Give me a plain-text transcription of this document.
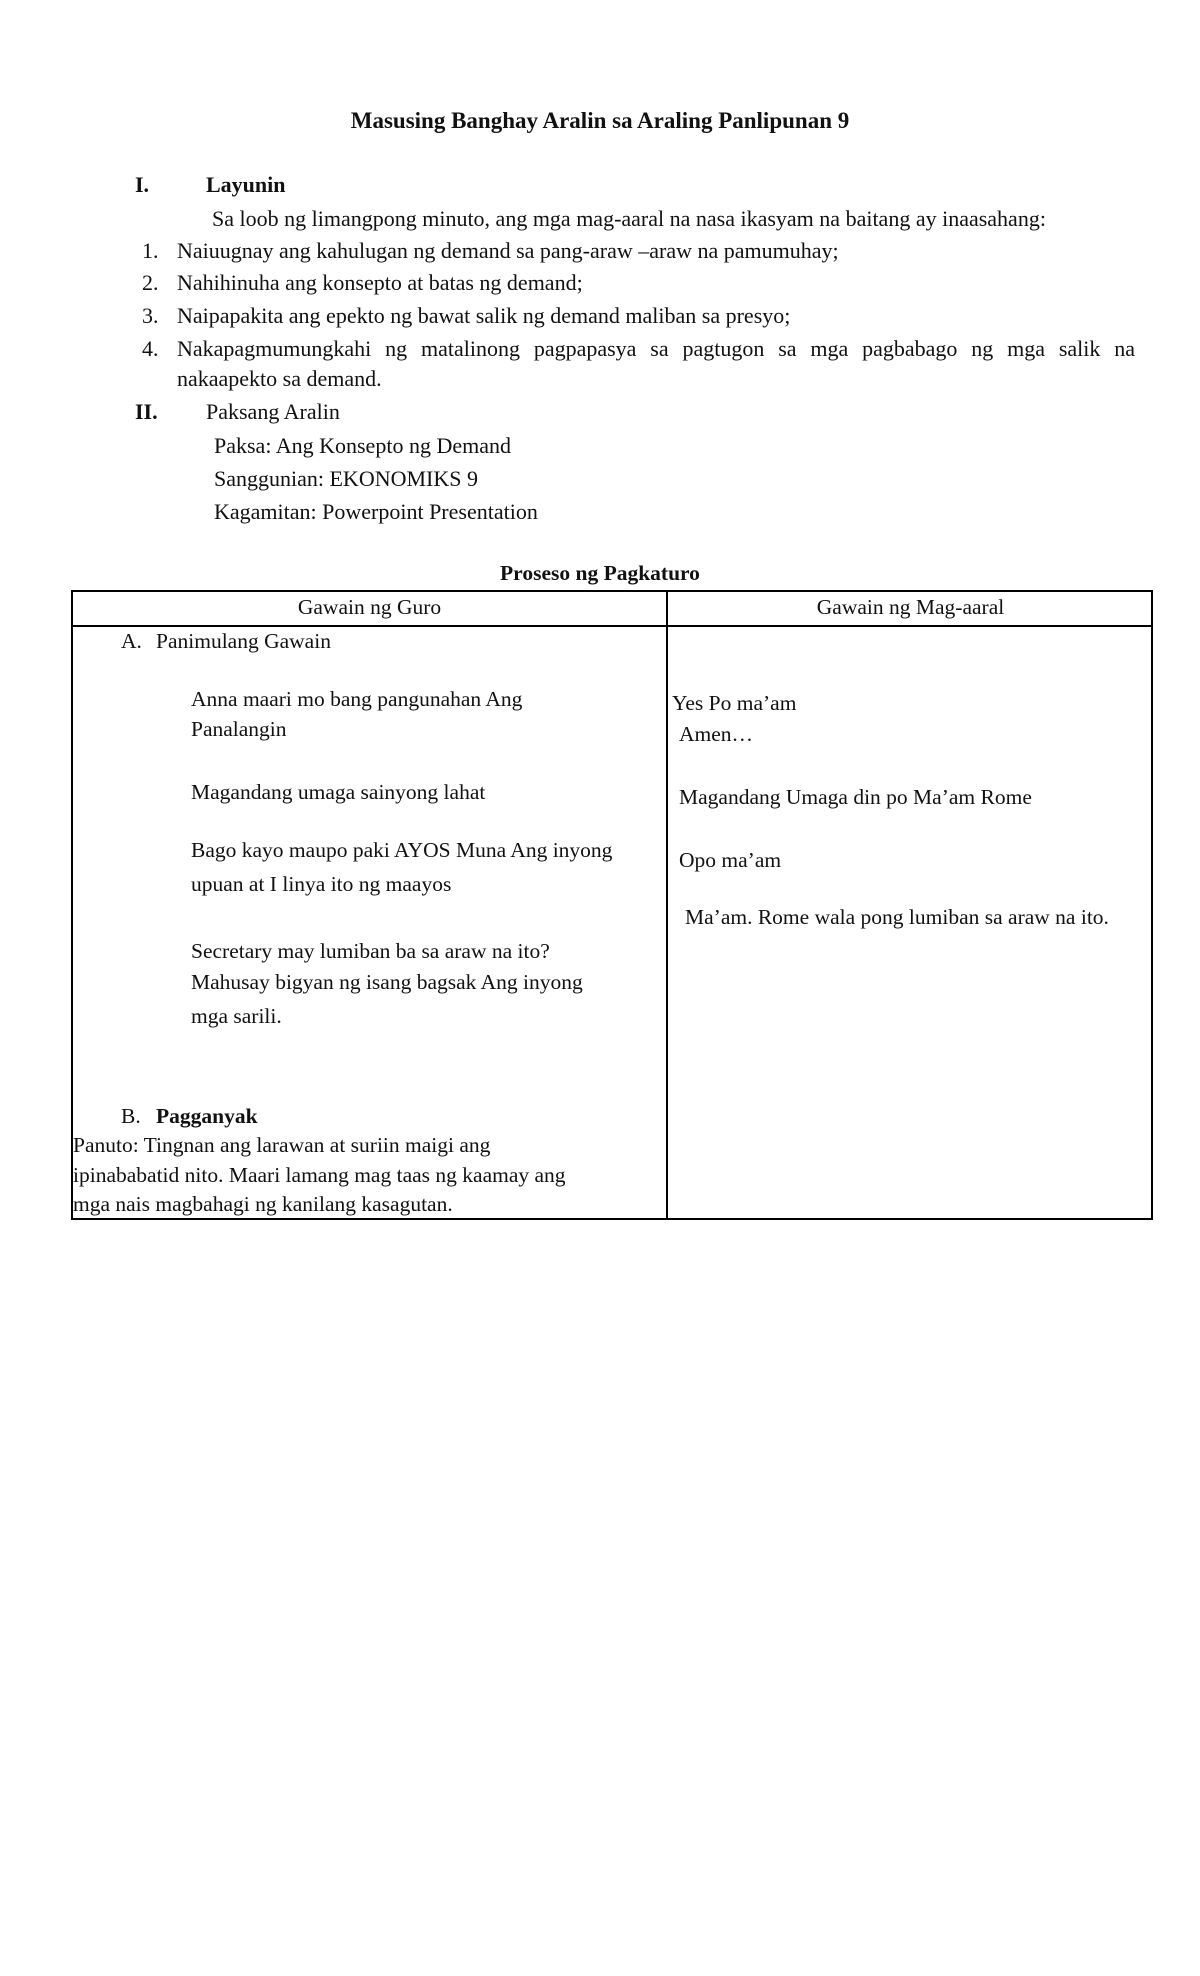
Masusing Banghay Aralin sa Araling Panlipunan 9
I.	Layunin
Sa loob ng limangpong minuto, ang mga mag-aaral na nasa ikasyam na baitang ay inaasahang:
1. Naiuugnay ang kahulugan ng demand sa pang-araw –araw na pamumuhay;
2. Nahihinuha ang konsepto at batas ng demand;
3. Naipapakita ang epekto ng bawat salik ng demand maliban sa presyo;
4. Nakapagmumungkahi ng matalinong pagpapasya sa pagtugon sa mga pagbabago ng mga salik na
nakaapekto sa demand.
II. Paksang Aralin
Paksa: Ang Konsepto ng Demand
Sanggunian: EKONOMIKS 9
Kagamitan: Powerpoint Presentation
Proseso ng Pagkaturo
Gawain ng Guro	Gawain ng Mag-aaral
A. Panimulang Gawain
Anna maari mo bang pangunahan Ang
Panalangin
Magandang umaga sainyong lahat
Bago kayo maupo paki AYOS Muna Ang inyong
upuan at I linya ito ng maayos
Secretary may lumiban ba sa araw na ito?
Mahusay bigyan ng isang bagsak Ang inyong
mga sarili.
B. Pagganyak
Panuto: Tingnan ang larawan at suriin maigi ang
ipinababatid nito. Maari lamang mag taas ng kaamay ang
mga nais magbahagi ng kanilang kasagutan.
Yes Po ma’am
Amen…
Magandang Umaga din po Ma’am Rome
Opo ma’am
Ma’am. Rome wala pong lumiban sa araw na ito.
